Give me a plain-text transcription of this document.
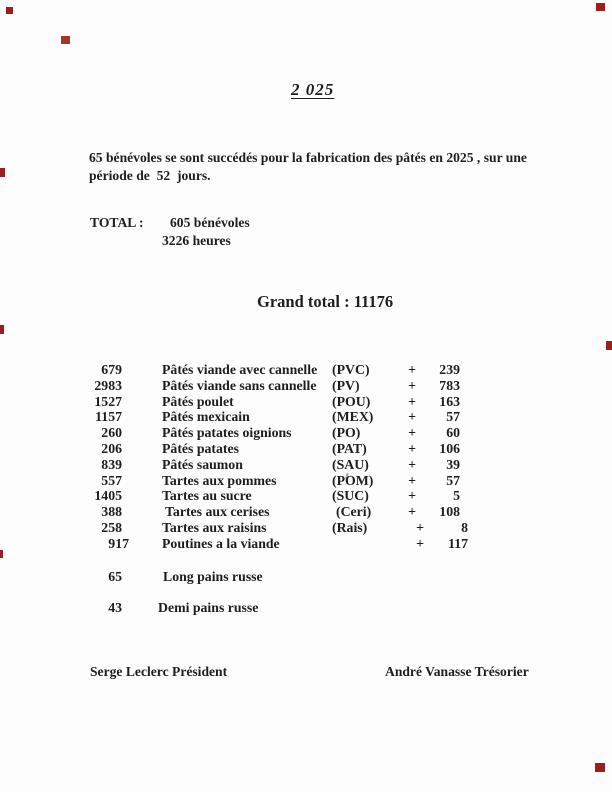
2 025
65 bénévoles se sont succédés pour la fabrication des pâtés en 2025 , sur une
période de  52  jours.
TOTAL : 605 bénévoles
3226 heures
Grand total : 11176
679	Pâtés viande avec cannelle (PVC)	+	239
2983	Pâtés viande sans cannelle (PV)	+	783
1527	Pâtés poulet	(POU)	+	163
1157	Pâtés mexicain	(MEX)	+	57
260	Pâtés patates oignions	(PO)	+	60
206	Pâtés patates	(PAT)	+	106
839	Pâtés saumon	(SAU)	+	39
557	Tartes aux pommes	(POM)	+	57
1405	Tartes au sucre	(SUC)	+	5
388	Tartes aux cerises	(Ceri)	+	108
258	Tartes aux raisins	(Rais)	+	8
917 Poutines a la viande	+	117
65	Long pains russe
43	Demi pains russe
Serge Leclerc Président	André Vanasse Trésorier
